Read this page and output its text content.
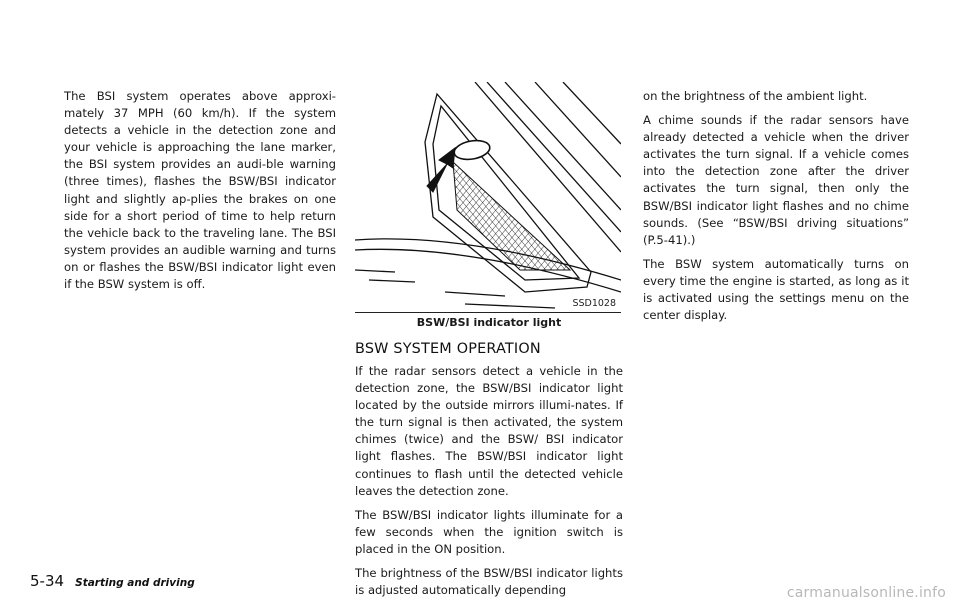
The BSI system operates above approxi-mately 37 MPH (60 km/h). If the system detects a vehicle in the detection zone and your vehicle is approaching the lane marker, the BSI system provides an audi-ble warning (three times), flashes the BSW/BSI indicator light and slightly ap-plies the brakes on one side for a short period of time to help return the vehicle back to the traveling lane. The BSI system provides an audible warning and turns on or flashes the BSW/BSI indicator light even if the BSW system is off.

SSD1028
BSW/BSI indicator light
BSW SYSTEM OPERATION

If the radar sensors detect a vehicle in the detection zone, the BSW/BSI indicator light located by the outside mirrors illumi-nates. If the turn signal is then activated, the system chimes (twice) and the BSW/ BSI indicator light flashes. The BSW/BSI indicator light continues to flash until the detected vehicle leaves the detection zone.

The BSW/BSI indicator lights illuminate for a few seconds when the ignition switch is placed in the ON position.

The brightness of the BSW/BSI indicator lights is adjusted automatically depending

on the brightness of the ambient light.

A chime sounds if the radar sensors have already detected a vehicle when the driver activates the turn signal. If a vehicle comes into the detection zone after the driver activates the turn signal, then only the BSW/BSI indicator light flashes and no chime sounds. (See “BSW/BSI driving situations” (P.5-41).)

The BSW system automatically turns on every time the engine is started, as long as it is activated using the settings menu on the center display.

5-34 Starting and driving
carmanualsonline.info
